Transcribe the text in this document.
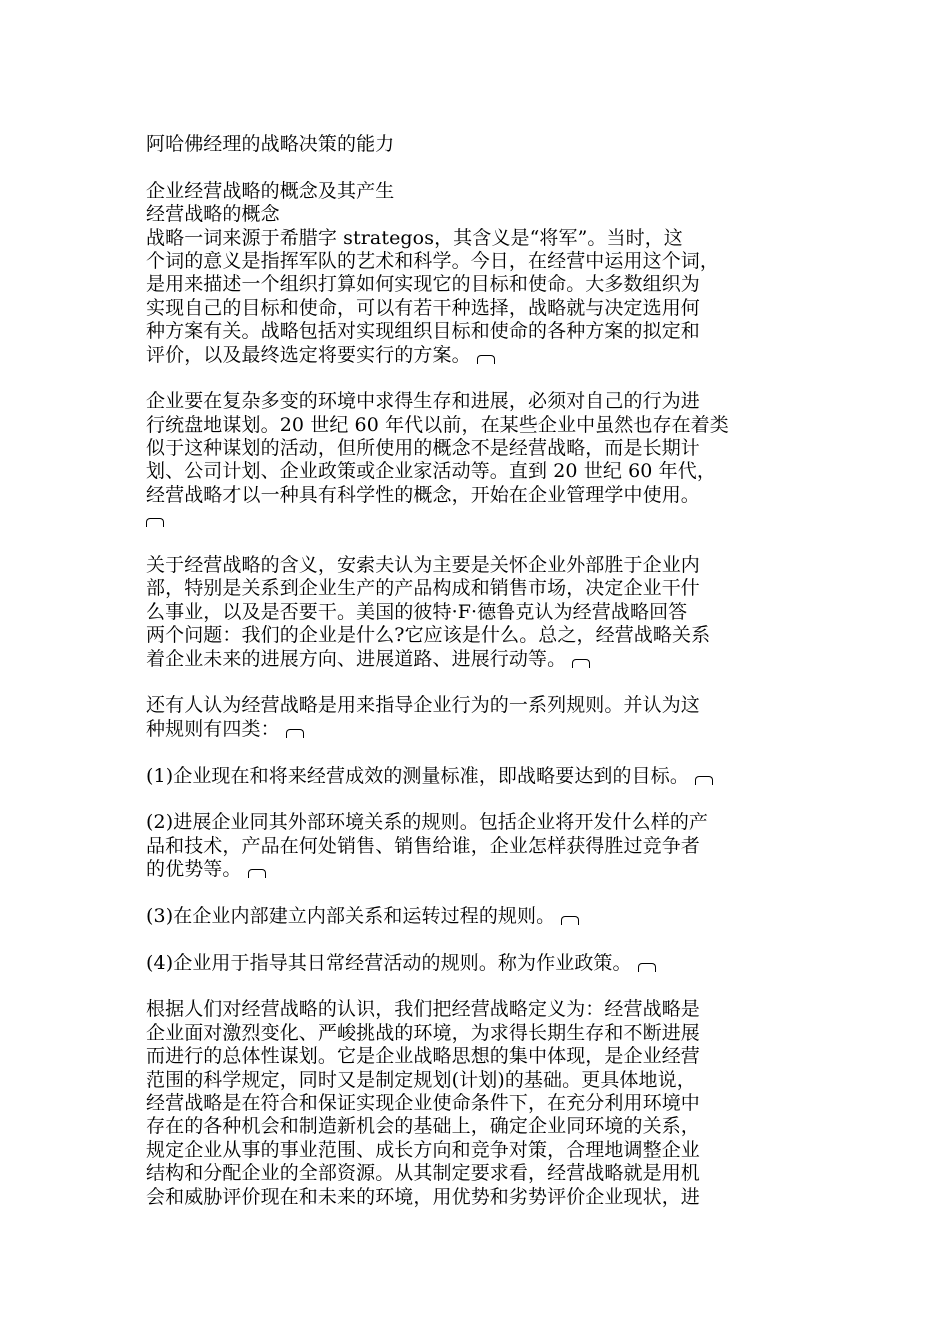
阿哈佛经理的战略决策的能力
企业经营战略的概念及其产生
经营战略的概念
战略一词来源于希腊字 strategos，其含义是“将军”。当时，这
个词的意义是指挥军队的艺术和科学。今日，在经营中运用这个词，
是用来描述一个组织打算如何实现它的目标和使命。大多数组织为
实现自己的目标和使命，可以有若干种选择，战略就与决定选用何
种方案有关。战略包括对实现组织目标和使命的各种方案的拟定和
评价，以及最终选定将要实行的方案。
企业要在复杂多变的环境中求得生存和进展，必须对自己的行为进
行统盘地谋划。20 世纪 60 年代以前，在某些企业中虽然也存在着类
似于这种谋划的活动，但所使用的概念不是经营战略，而是长期计
划、公司计划、企业政策或企业家活动等。直到 20 世纪 60 年代，
经营战略才以一种具有科学性的概念，开始在企业管理学中使用。
关于经营战略的含义，安索夫认为主要是关怀企业外部胜于企业内
部，特别是关系到企业生产的产品构成和销售市场，决定企业干什
么事业，以及是否要干。美国的彼特·F·德鲁克认为经营战略回答
两个问题：我们的企业是什么?它应该是什么。总之，经营战略关系
着企业未来的进展方向、进展道路、进展行动等。
还有人认为经营战略是用来指导企业行为的一系列规则。并认为这
种规则有四类：
(1)企业现在和将来经营成效的测量标准，即战略要达到的目标。
(2)进展企业同其外部环境关系的规则。包括企业将开发什么样的产
品和技术，产品在何处销售、销售给谁，企业怎样获得胜过竞争者
的优势等。
(3)在企业内部建立内部关系和运转过程的规则。
(4)企业用于指导其日常经营活动的规则。称为作业政策。
根据人们对经营战略的认识，我们把经营战略定义为：经营战略是
企业面对激烈变化、严峻挑战的环境，为求得长期生存和不断进展
而进行的总体性谋划。它是企业战略思想的集中体现，是企业经营
范围的科学规定，同时又是制定规划(计划)的基础。更具体地说，
经营战略是在符合和保证实现企业使命条件下，在充分利用环境中
存在的各种机会和制造新机会的基础上，确定企业同环境的关系，
规定企业从事的事业范围、成长方向和竞争对策，合理地调整企业
结构和分配企业的全部资源。从其制定要求看，经营战略就是用机
会和威胁评价现在和未来的环境，用优势和劣势评价企业现状，进
